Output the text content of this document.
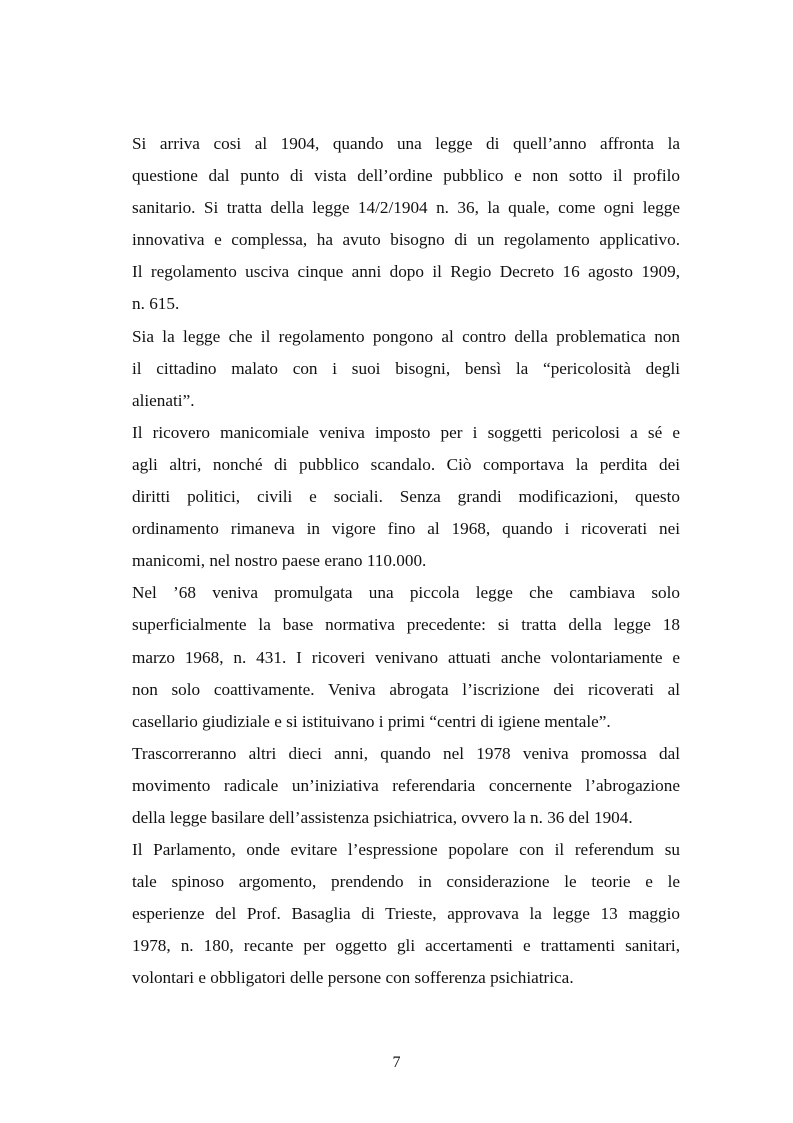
Si arriva cosi al 1904, quando una legge di quell’anno affronta la
questione dal punto di vista dell’ordine pubblico e non sotto il profilo
sanitario. Si tratta della legge 14/2/1904 n. 36, la quale, come ogni legge
innovativa e complessa, ha avuto bisogno di un regolamento applicativo.
Il regolamento usciva cinque anni dopo il Regio Decreto 16 agosto 1909,
n. 615.

Sia la legge che il regolamento pongono al contro della problematica non
il cittadino malato con i suoi bisogni, bensì la “pericolosità degli
alienati”.

Il ricovero manicomiale veniva imposto per i soggetti pericolosi a sé e
agli altri, nonché di pubblico scandalo. Ciò comportava la perdita dei
diritti politici, civili e sociali. Senza grandi modificazioni, questo
ordinamento rimaneva in vigore fino al 1968, quando i ricoverati nei
manicomi, nel nostro paese erano 110.000.

Nel ’68 veniva promulgata una piccola legge che cambiava solo
superficialmente la base normativa precedente: si tratta della legge 18
marzo 1968, n. 431. I ricoveri venivano attuati anche volontariamente e
non solo coattivamente. Veniva abrogata l’iscrizione dei ricoverati al
casellario giudiziale e si istituivano i primi “centri di igiene mentale”.

Trascorreranno altri dieci anni, quando nel 1978 veniva promossa dal
movimento radicale un’iniziativa referendaria concernente l’abrogazione
della legge basilare dell’assistenza psichiatrica, ovvero la n. 36 del 1904.

Il Parlamento, onde evitare l’espressione popolare con il referendum su
tale spinoso argomento, prendendo in considerazione le teorie e le
esperienze del Prof. Basaglia di Trieste, approvava la legge 13 maggio
1978, n. 180, recante per oggetto gli accertamenti e trattamenti sanitari,
volontari e obbligatori delle persone con sofferenza psichiatrica.

7
